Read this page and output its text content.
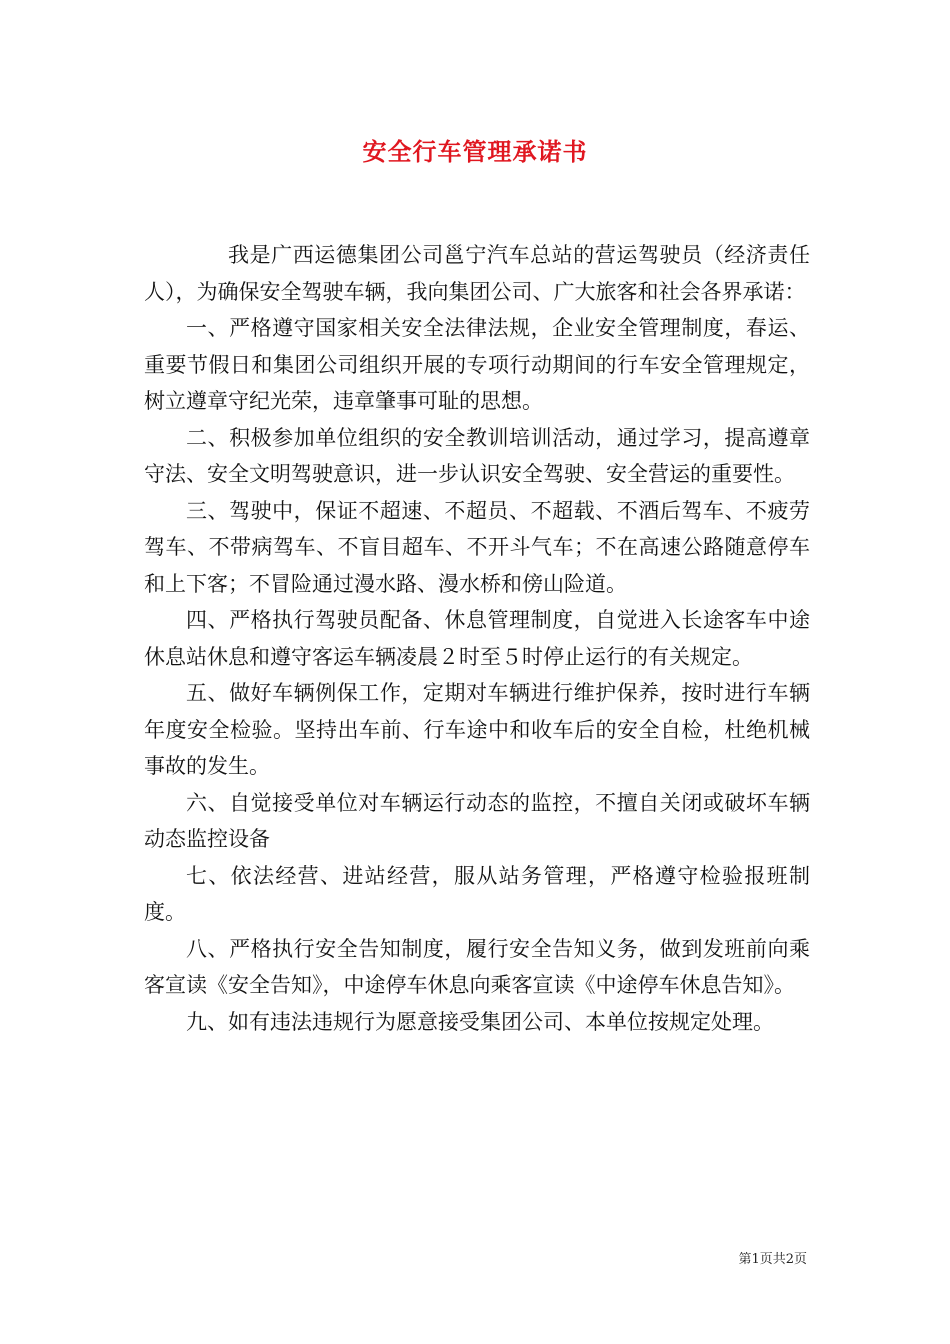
安全行车管理承诺书

我是广西运德集团公司邕宁汽车总站的营运驾驶员（经济责任人），为确保安全驾驶车辆，我向集团公司、广大旅客和社会各界承诺：

一、严格遵守国家相关安全法律法规，企业安全管理制度，春运、重要节假日和集团公司组织开展的专项行动期间的行车安全管理规定，树立遵章守纪光荣，违章肇事可耻的思想。

二、积极参加单位组织的安全教训培训活动，通过学习，提高遵章守法、安全文明驾驶意识，进一步认识安全驾驶、安全营运的重要性。

三、驾驶中，保证不超速、不超员、不超载、不酒后驾车、不疲劳驾车、不带病驾车、不盲目超车、不开斗气车；不在高速公路随意停车和上下客；不冒险通过漫水路、漫水桥和傍山险道。

四、严格执行驾驶员配备、休息管理制度，自觉进入长途客车中途休息站休息和遵守客运车辆凌晨２时至５时停止运行的有关规定。

五、做好车辆例保工作，定期对车辆进行维护保养，按时进行车辆年度安全检验。坚持出车前、行车途中和收车后的安全自检，杜绝机械事故的发生。

六、自觉接受单位对车辆运行动态的监控，不擅自关闭或破坏车辆动态监控设备

七、依法经营、进站经营，服从站务管理，严格遵守检验报班制度。

八、严格执行安全告知制度，履行安全告知义务，做到发班前向乘客宣读《安全告知》，中途停车休息向乘客宣读《中途停车休息告知》。

九、如有违法违规行为愿意接受集团公司、本单位按规定处理。

第1页共2页
